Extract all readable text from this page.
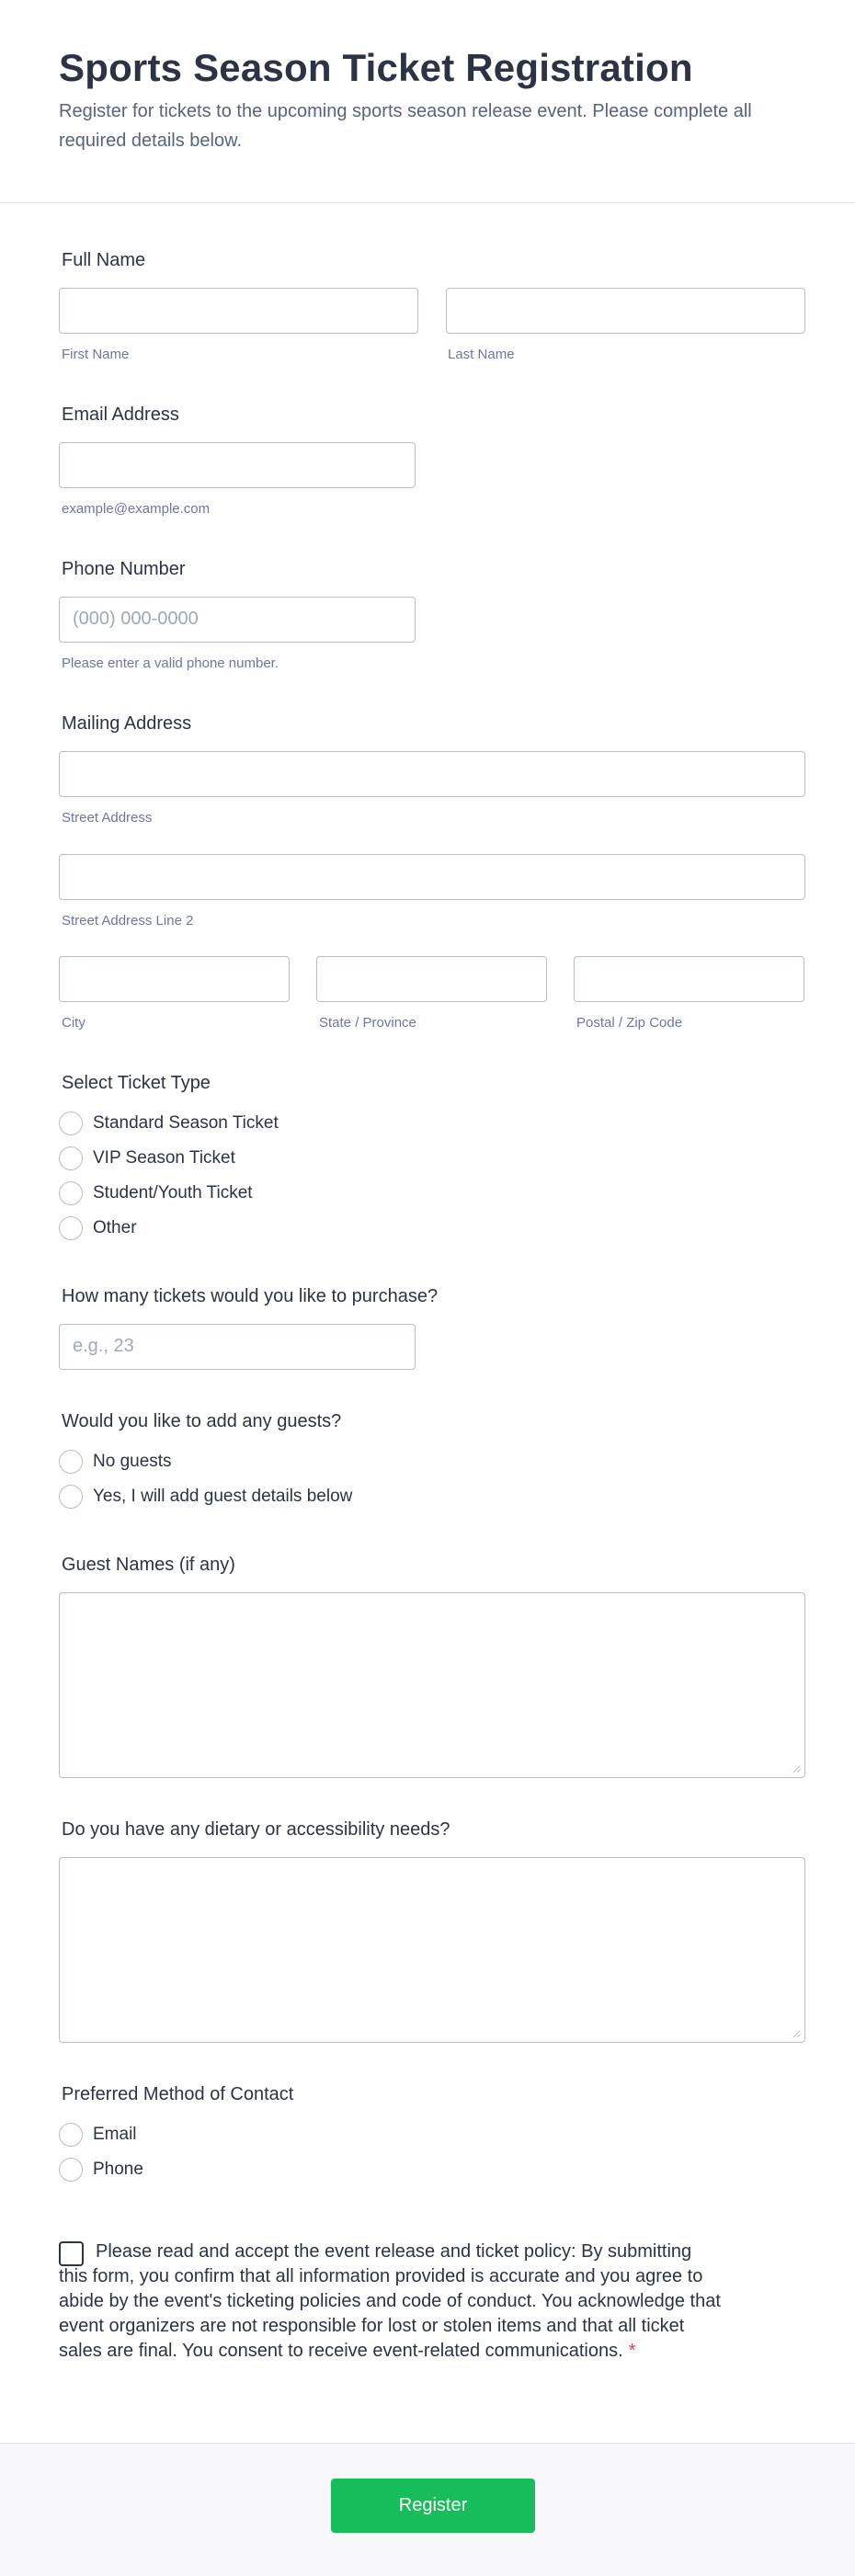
Sports Season Ticket Registration

Register for tickets to the upcoming sports season release event. Please complete all required details below.

Full Name
First Name	Last Name
Email Address
example@example.com
Phone Number
(000) 000-0000
Please enter a valid phone number.
Mailing Address
Street Address
Street Address Line 2
City	State / Province	Postal / Zip Code
Select Ticket Type
Standard Season Ticket
VIP Season Ticket
Student/Youth Ticket
Other
How many tickets would you like to purchase?
e.g., 23
Would you like to add any guests?
No guests
Yes, I will add guest details below
Guest Names (if any)
Do you have any dietary or accessibility needs?
Preferred Method of Contact
Email
Phone

Please read and accept the event release and ticket policy: By submitting this form, you confirm that all information provided is accurate and you agree to abide by the event's ticketing policies and code of conduct. You acknowledge that event organizers are not responsible for lost or stolen items and that all ticket sales are final. You consent to receive event-related communications. *

Register
